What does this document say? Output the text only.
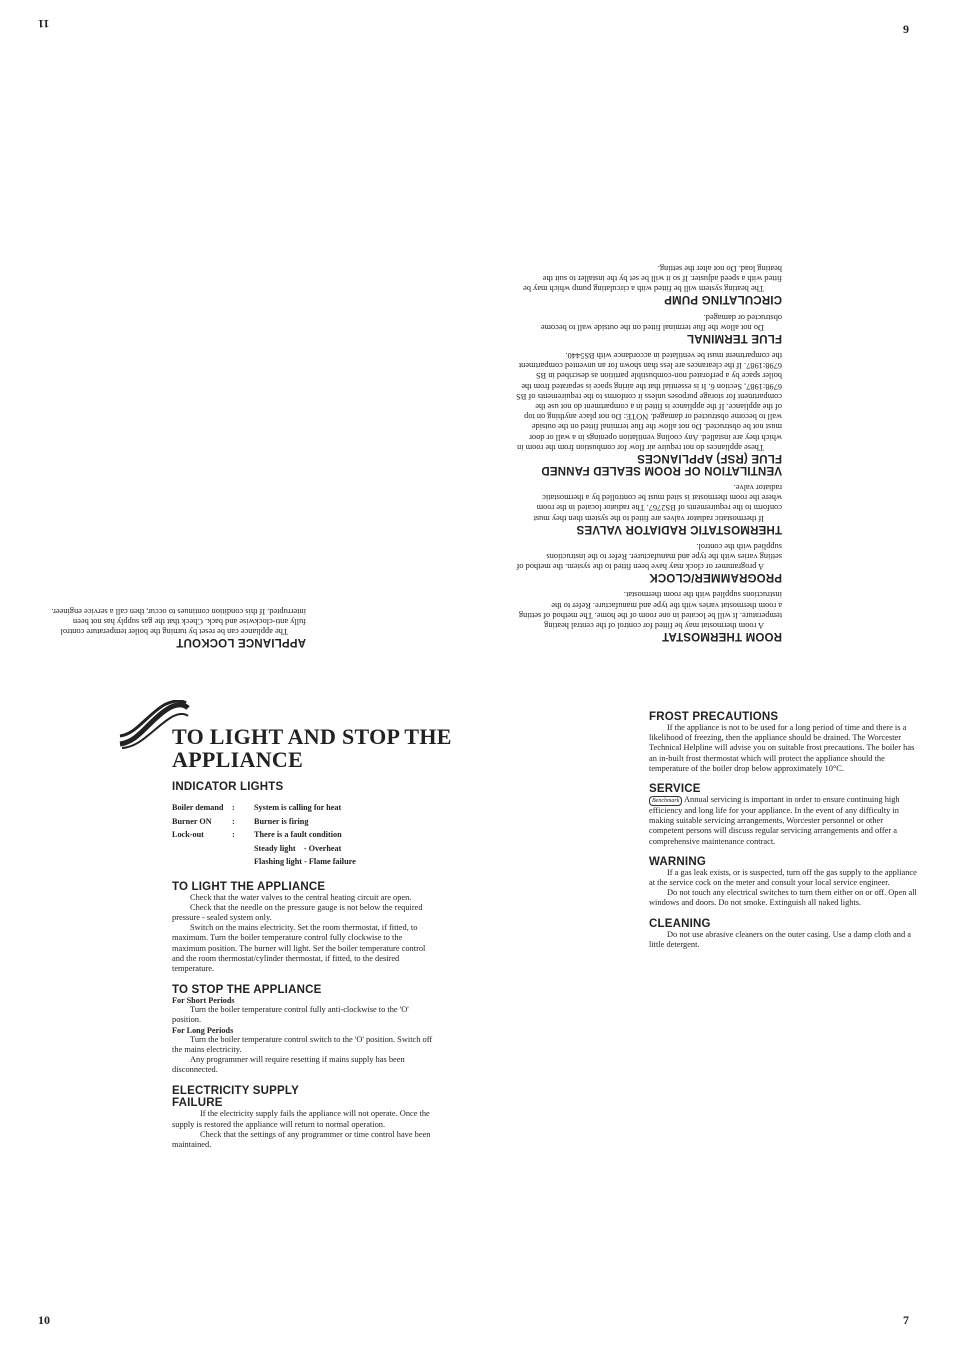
11	9
10	7

ROOM THERMOSTAT

A room thermostat may be fitted for control of the central heating temperature. It will be located in one room of the home. The method of setting a room thermostat varies with the type and manufacture. Refer to the instructions supplied with the room thermostat.

PROGRAMMER/CLOCK

A programmer or clock may have been fitted to the system. the method of setting varies with the type and manufacturer. Refer to the instructions supplied with the control.

THERMOSTATIC RADIATOR VALVES

If thermostatic radiator valves are fitted to the system then they must conform to the requirements of BS2767. The radiator located in the room where the room thermostat is sited must be controlled by a thermostatic radiator valve.

VENTILATION OF ROOM SEALED FANNED FLUE (RSF) APPLIANCES

These appliances do not require air flow for combustion from the room in which they are installed. Any cooling ventilation openings in a wall or door must not be obstructed. Do not allow the flue terminal fitted on the outside wall to become obstructed or damaged. NOTE: Do not place anything on top of the appliance. If the appliance is fitted in a compartment do not use the compartment for storage purposes unless it conforms to the requirements of BS 6798:1987, Section 6. It is essential that the airing space is separated from the boiler space by a perforated non-combustible partition as described in BS 6798:1987. If the clearances are less than shown for an unvented compartment the compartment must be ventilated in accordance with BS5440.

FLUE TERMINAL

Do not allow the flue terminal fitted on the outside wall to become obstructed or damaged.

CIRCULATING PUMP

The heating system will be fitted with a circulating pump which may be fitted with a speed adjuster. If so it will be set by the installer to suit the heating load. Do not alter the setting.

APPLIANCE LOCKOUT

The appliance can be reset by turning the boiler temperature control fully anti-clockwise and back. Check that the gas supply has not been interrupted. If this condition continues to occur, then call a service engineer.

TO LIGHT AND STOP THE
APPLIANCE

INDICATOR LIGHTS

Boiler demand	:	System is calling for heat
Burner ON	:	Burner is firing
Lock-out	:	There is a fault condition
Steady light    - Overheat
Flashing light - Flame failure

TO LIGHT THE APPLIANCE

Check that the water valves to the central heating circuit are open.

Check that the needle on the pressure gauge is not below the required pressure - sealed system only.

Switch on the mains electricity. Set the room thermostat, if fitted, to maximum. Turn the boiler temperature control fully clockwise to the maximum position. The burner will light. Set the boiler temperature control and the room thermostat/cylinder thermostat, if fitted, to the desired temperature.

TO STOP THE APPLIANCE

For Short Periods

Turn the boiler temperature control fully anti-clockwise to the 'O' position.

For Long Periods

Turn the boiler temperature control switch to the 'O' position. Switch off the mains electricity.

Any programmer will require resetting if mains supply has been disconnected.

ELECTRICITY SUPPLY

FAILURE

If the electricity supply fails the appliance will not operate. Once the supply is restored the appliance will return to normal operation.

Check that the settings of any programmer or time control have been maintained.

FROST PRECAUTIONS

If the appliance is not to be used for a long period of time and there is a likelihood of freezing, then the appliance should be drained. The Worcester Technical Helpline will advise you on suitable frost precautions. The boiler has an in-built frost thermostat which will protect the appliance should the temperature of the boiler drop below approximately 10°C.

SERVICE

Benchmark Annual servicing is important in order to ensure continuing high efficiency and long life for your appliance. In the event of any difficulty in making suitable servicing arrangements, Worcester personnel or other competent persons will discuss regular servicing arrangements and offer a comprehensive maintenance contract.

WARNING

If a gas leak exists, or is suspected, turn off the gas supply to the appliance at the service cock on the meter and consult your local service engineer.

Do not touch any electrical switches to turn them either on or off. Open all windows and doors. Do not smoke. Extinguish all naked lights.

CLEANING

Do not use abrasive cleaners on the outer casing. Use a damp cloth and a little detergent.
